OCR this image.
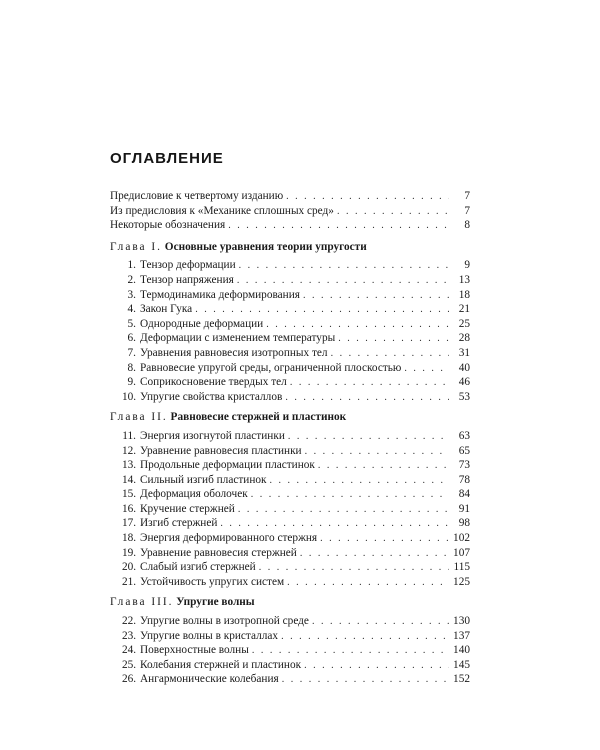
ОГЛАВЛЕНИЕ
Предисловие к четвертому изданию . . .	7
Из предисловия к «Механике сплошных сред» . . .	7
Некоторые обозначения . . .	8
Глава I. Основные уравнения теории упругости
1. Тензор деформации . . .	9
2. Тензор напряжения . . .	13
3. Термодинамика деформирования . . .	18
4. Закон Гука . . .	21
5. Однородные деформации . . .	25
6. Деформации с изменением температуры . . .	28
7. Уравнения равновесия изотропных тел . . .	31
8. Равновесие упругой среды, ограниченной плоскостью . . .	40
9. Соприкосновение твердых тел . . .	46
10. Упругие свойства кристаллов . . .	53
Глава II. Равновесие стержней и пластинок
11. Энергия изогнутой пластинки . . .	63
12. Уравнение равновесия пластинки . . .	65
13. Продольные деформации пластинок . . .	73
14. Сильный изгиб пластинок . . .	78
15. Деформация оболочек . . .	84
16. Кручение стержней . . .	91
17. Изгиб стержней . . .	98
18. Энергия деформированного стержня . . .	102
19. Уравнение равновесия стержней . . .	107
20. Слабый изгиб стержней . . .	115
21. Устойчивость упругих систем . . .	125
Глава III. Упругие волны
22. Упругие волны в изотропной среде . . .	130
23. Упругие волны в кристаллах . . .	137
24. Поверхностные волны . . .	140
25. Колебания стержней и пластинок . . .	145
26. Ангармонические колебания . . .	152
